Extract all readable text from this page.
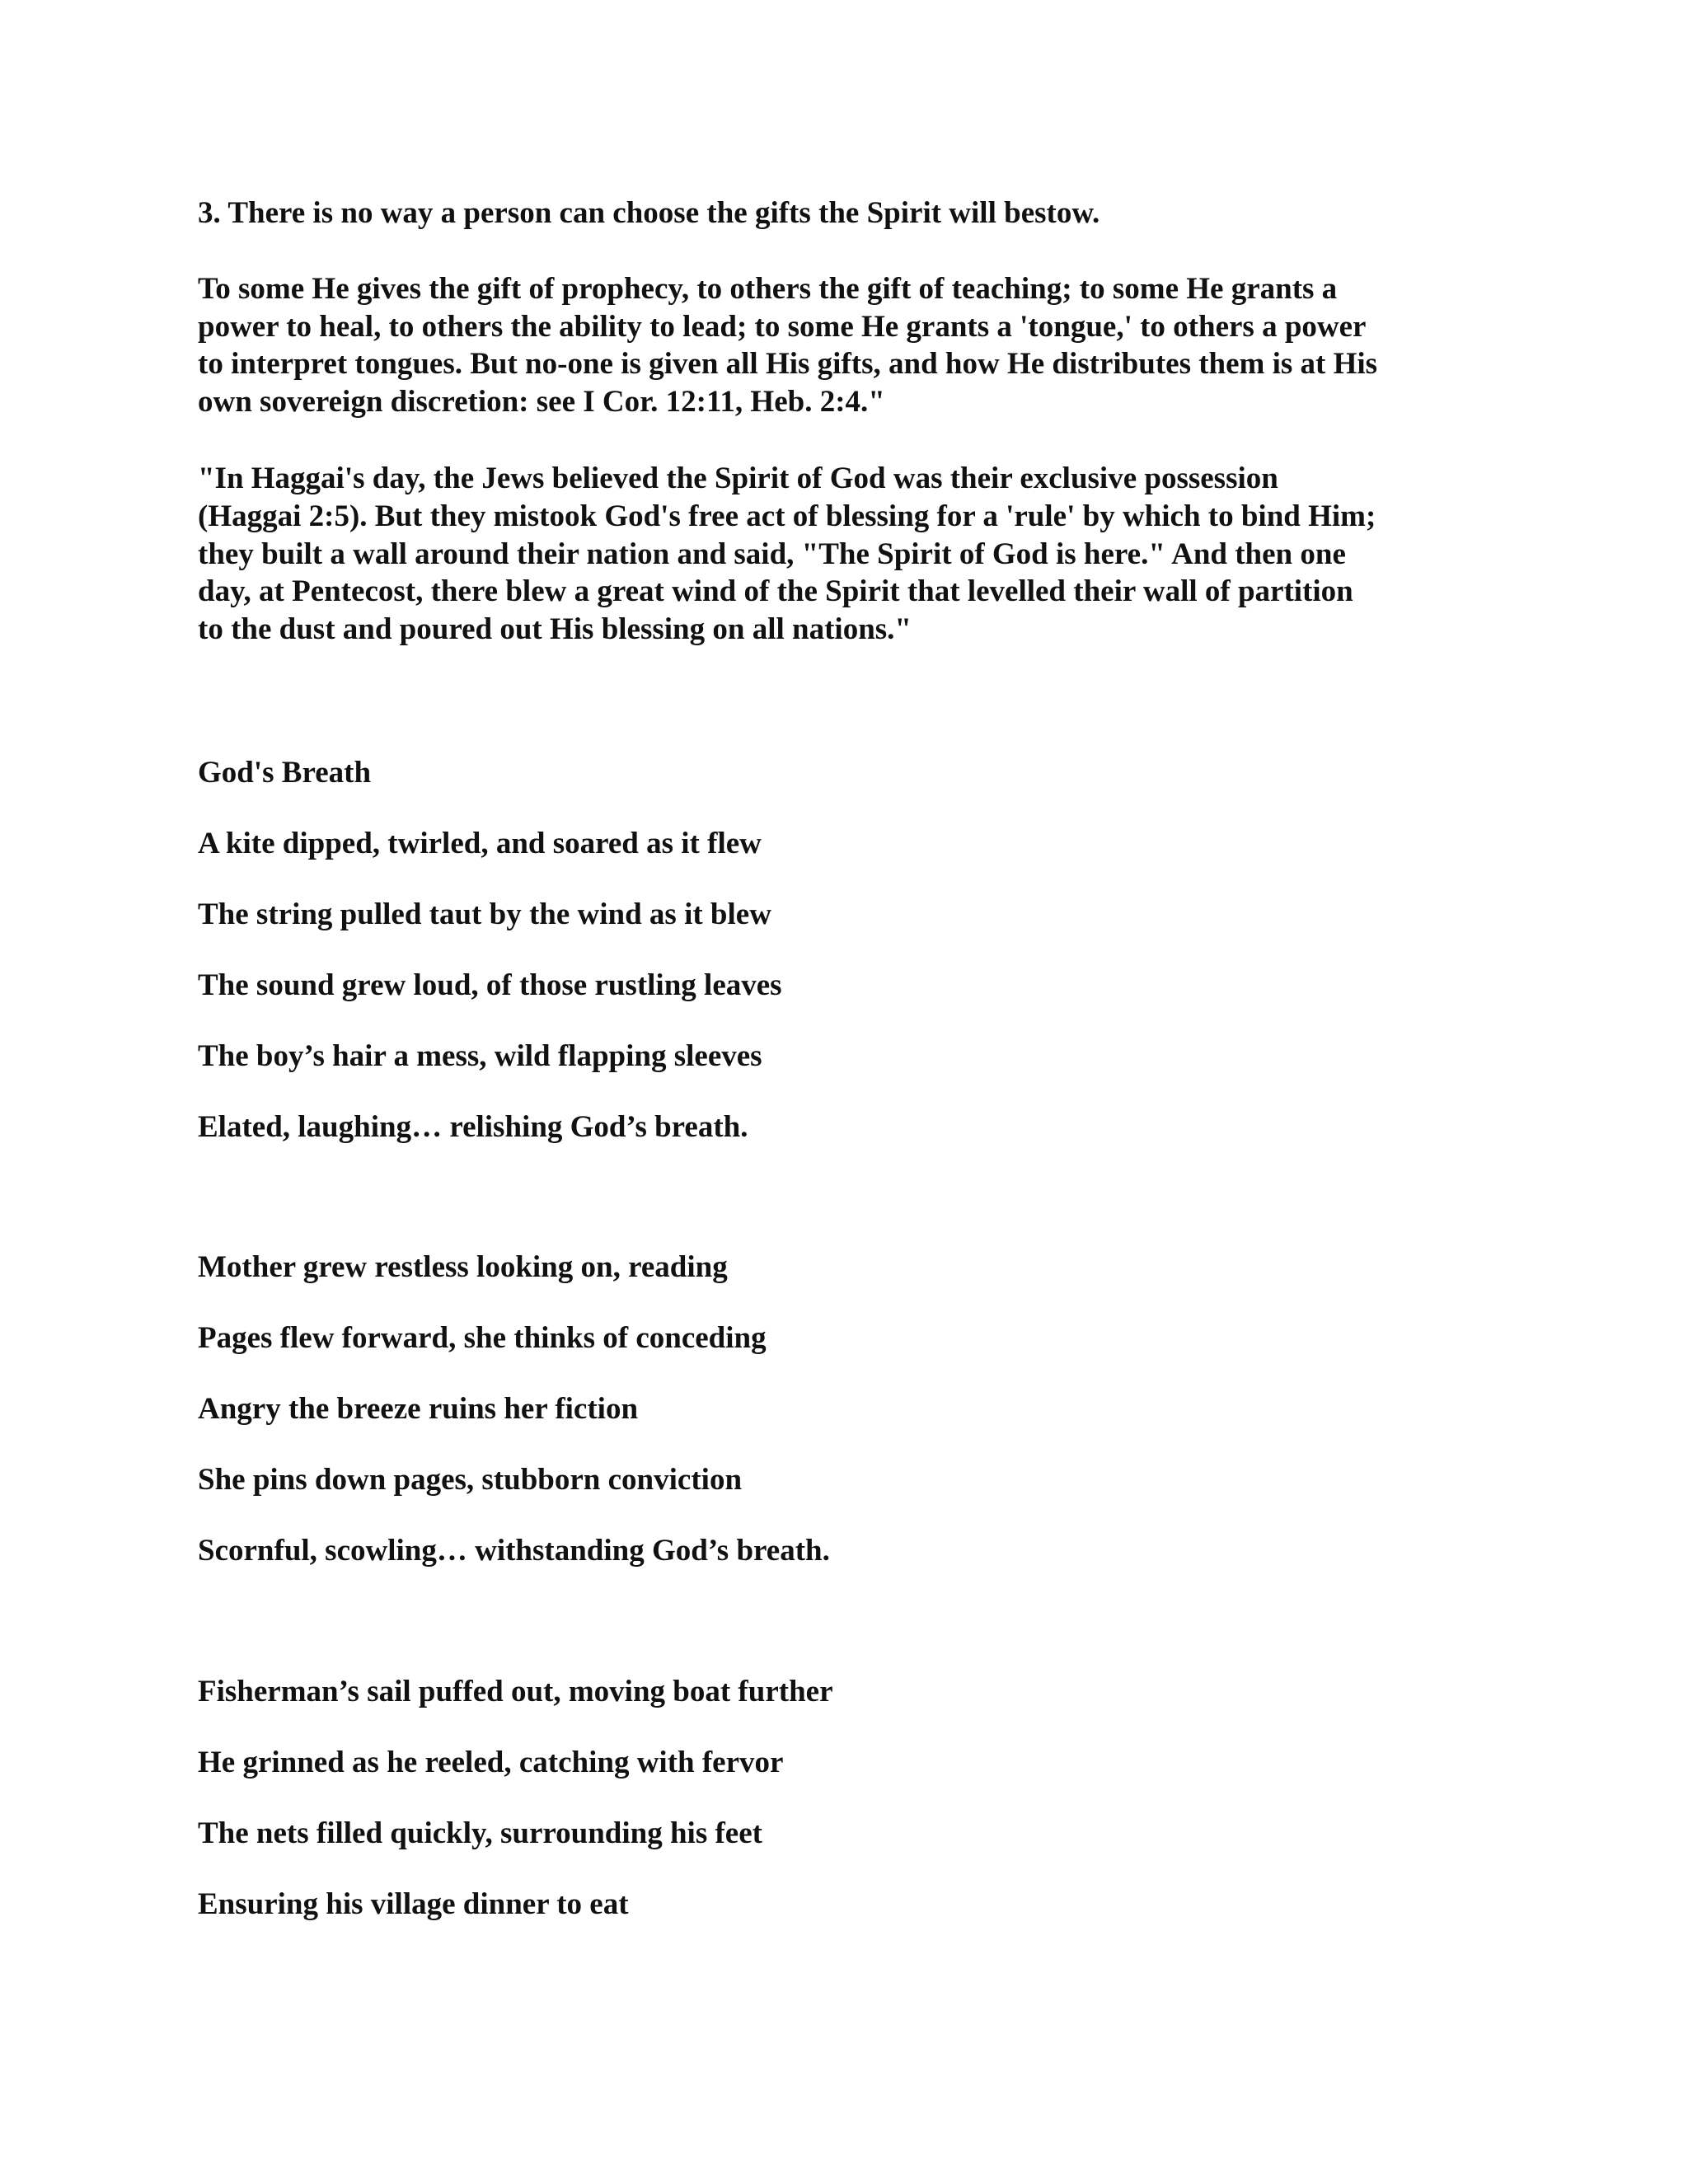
3. There is no way a person can choose the gifts the Spirit will bestow.

To some He gives the gift of prophecy, to others the gift of teaching; to some He grants a

power to heal, to others the ability to lead; to some He grants a 'tongue,' to others a power

to interpret tongues. But no-one is given all His gifts, and how He distributes them is at His

own sovereign discretion: see I Cor. 12:11, Heb. 2:4."

"In Haggai's day, the Jews believed the Spirit of God was their exclusive possession

(Haggai 2:5). But they mistook God's free act of blessing for a 'rule' by which to bind Him;

they built a wall around their nation and said, "The Spirit of God is here." And then one

day, at Pentecost, there blew a great wind of the Spirit that levelled their wall of partition

to the dust and poured out His blessing on all nations."

God's Breath

A kite dipped, twirled, and soared as it flew

The string pulled taut by the wind as it blew

The sound grew loud, of those rustling leaves

The boy’s hair a mess, wild flapping sleeves

Elated, laughing… relishing God’s breath.

Mother grew restless looking on, reading

Pages flew forward, she thinks of conceding

Angry the breeze ruins her fiction

She pins down pages, stubborn conviction

Scornful, scowling… withstanding God’s breath.

Fisherman’s sail puffed out, moving boat further

He grinned as he reeled, catching with fervor

The nets filled quickly, surrounding his feet

Ensuring his village dinner to eat
